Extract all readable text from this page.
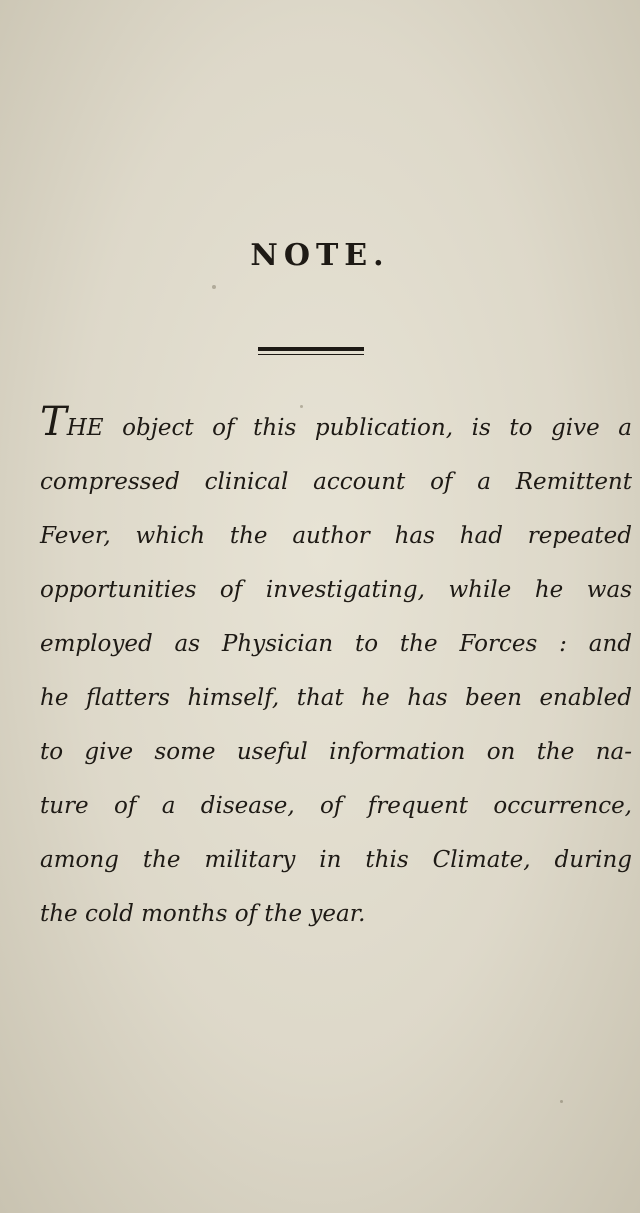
NOTE.
THE object of this publication, is to give a
compressed clinical account of a Remittent
Fever, which the author has had repeated
opportunities of investigating, while he was
employed as Physician to the Forces : and
he flatters himself, that he has been enabled
to give some useful information on the na-
ture of a disease, of frequent occurrence,
among the military in this Climate, during
the cold months of the year.
